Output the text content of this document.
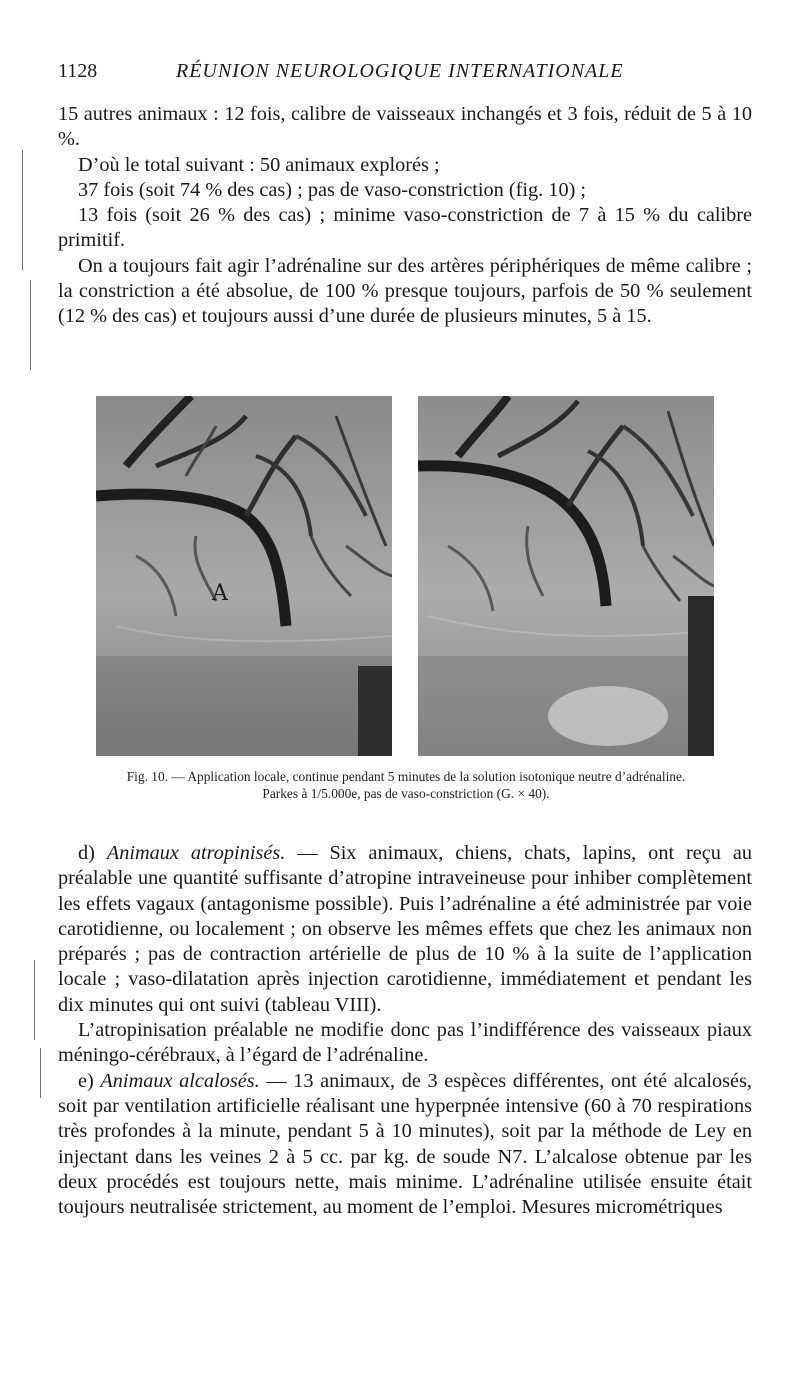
1128	RÉUNION NEUROLOGIQUE INTERNATIONALE

15 autres animaux : 12 fois, calibre de vaisseaux inchangés et 3 fois, réduit de 5 à 10 %.

D’où le total suivant : 50 animaux explorés ;

37 fois (soit 74 % des cas) ; pas de vaso-constriction (fig. 10) ;

13 fois (soit 26 % des cas) ; minime vaso-constriction de 7 à 15 % du calibre primitif.

On a toujours fait agir l’adrénaline sur des artères périphériques de même calibre ; la constriction a été absolue, de 100 % presque toujours, parfois de 50 % seulement (12 % des cas) et toujours aussi d’une durée de plusieurs minutes, 5 à 15.

A
Fig. 10. — Application locale, continue pendant 5 minutes de la solution isotonique neutre d’adrénaline.
Parkes à 1/5.000e, pas de vaso-constriction (G. × 40).

d) Animaux atropinisés. — Six animaux, chiens, chats, lapins, ont reçu au préalable une quantité suffisante d’atropine intraveineuse pour inhiber complètement les effets vagaux (antagonisme possible). Puis l’adrénaline a été administrée par voie carotidienne, ou localement ; on observe les mêmes effets que chez les animaux non préparés ; pas de contraction artérielle de plus de 10 % à la suite de l’application locale ; vaso-dilatation après injection carotidienne, immédiatement et pendant les dix minutes qui ont suivi (tableau VIII).

L’atropinisation préalable ne modifie donc pas l’indifférence des vaisseaux piaux méningo-cérébraux, à l’égard de l’adrénaline.

e) Animaux alcalosés. — 13 animaux, de 3 espèces différentes, ont été alcalosés, soit par ventilation artificielle réalisant une hyperpnée intensive (60 à 70 respirations très profondes à la minute, pendant 5 à 10 minutes), soit par la méthode de Ley en injectant dans les veines 2 à 5 cc. par kg. de soude N7. L’alcalose obtenue par les deux procédés est toujours nette, mais minime. L’adrénaline utilisée ensuite était toujours neutralisée strictement, au moment de l’emploi. Mesures micrométriques
